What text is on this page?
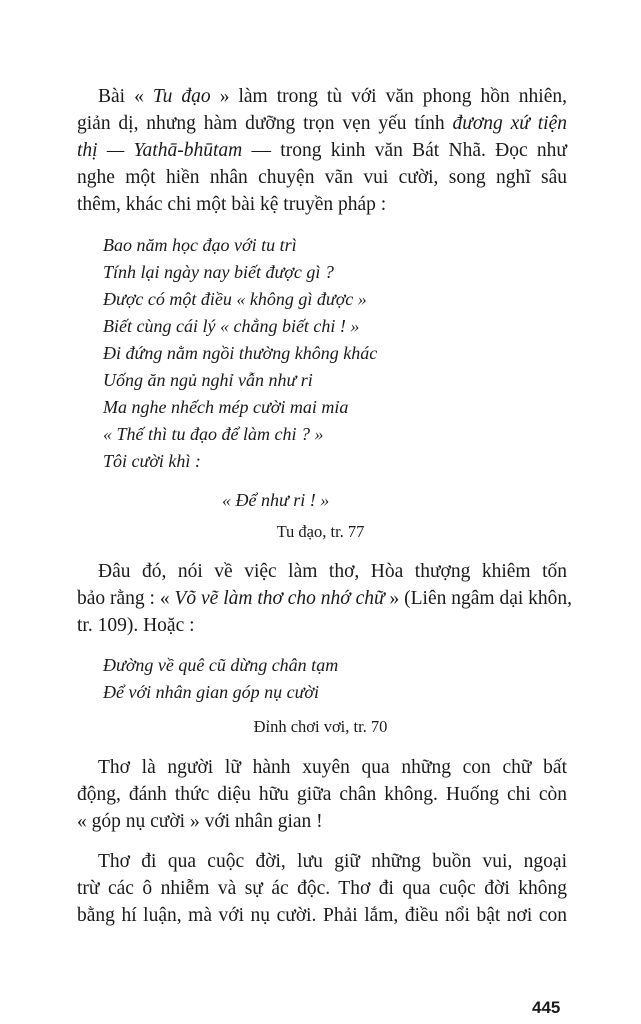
Bài « Tu đạo » làm trong tù với văn phong hồn nhiên,
giản dị, nhưng hàm dưỡng trọn vẹn yếu tính đương xứ tiện
thị — Yathā-bhūtam — trong kinh văn Bát Nhã. Đọc như
nghe một hiền nhân chuyện vãn vui cười, song nghĩ sâu
thêm, khác chi một bài kệ truyền pháp :
Bao năm học đạo với tu trì
Tính lại ngày nay biết được gì ?
Được có một điều « không gì được »
Biết cùng cái lý « chẳng biết chi ! »
Đi đứng nằm ngồi thường không khác
Uống ăn ngủ nghỉ vẫn như ri
Ma nghe nhếch mép cười mai mỉa
« Thế thì tu đạo để làm chi ? »
Tôi cười khì :
« Để như ri ! »
Tu đạo, tr. 77
Đâu đó, nói về việc làm thơ, Hòa thượng khiêm tốn
bảo rằng : « Võ vẽ làm thơ cho nhớ chữ » (Liên ngâm dại khôn,
tr. 109). Hoặc :
Đường về quê cũ dừng chân tạm
Để với nhân gian góp nụ cười
Đỉnh chơi vơi, tr. 70
Thơ là người lữ hành xuyên qua những con chữ bất
động, đánh thức diệu hữu giữa chân không. Huống chi còn
« góp nụ cười » với nhân gian !
Thơ đi qua cuộc đời, lưu giữ những buồn vui, ngoại
trừ các ô nhiễm và sự ác độc. Thơ đi qua cuộc đời không
bằng hí luận, mà với nụ cười. Phải lắm, điều nổi bật nơi con
445
